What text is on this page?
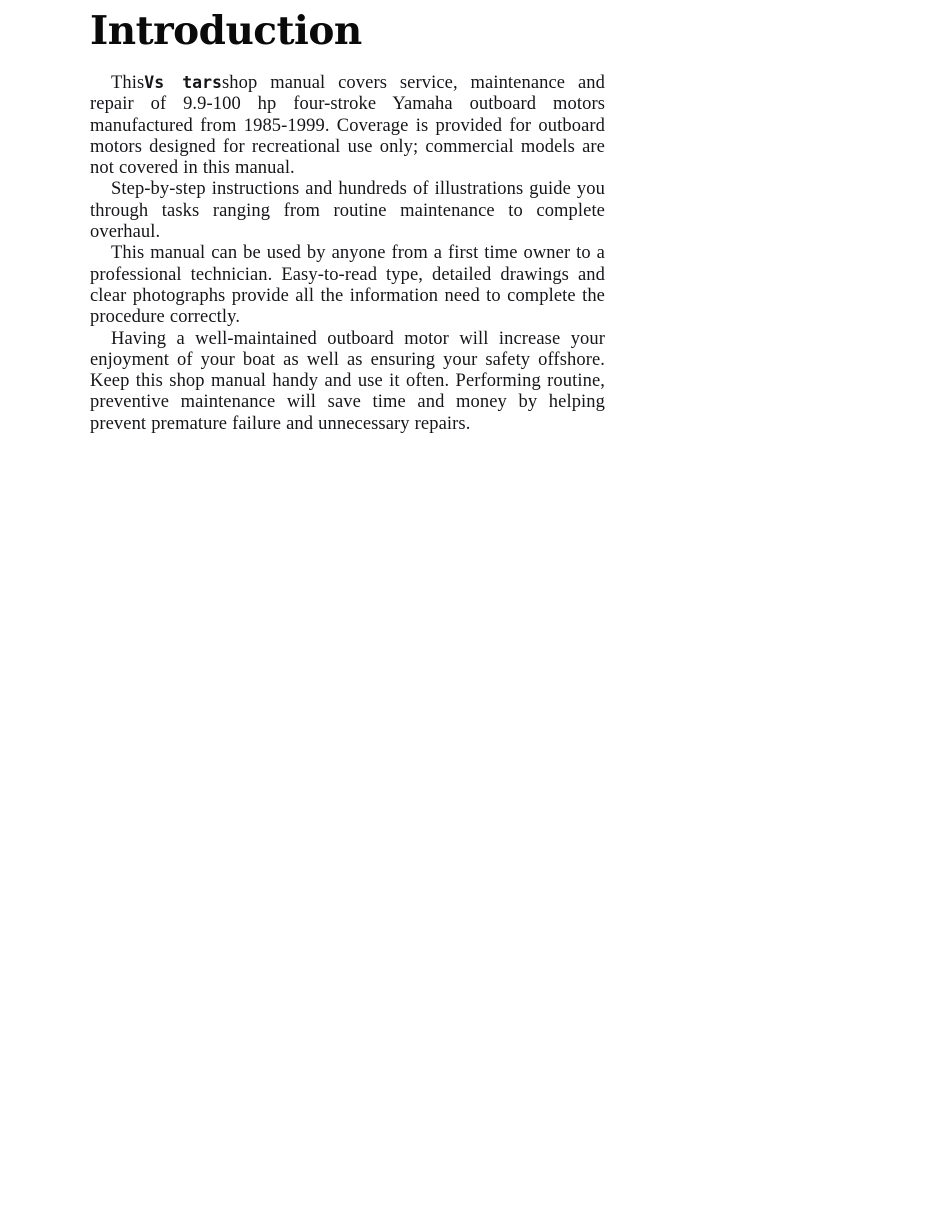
Introduction

ThisVs tarsshop manual covers service, maintenance and repair of 9.9-100 hp four-stroke Yamaha outboard motors manufactured from 1985-1999. Coverage is provided for outboard motors designed for recreational use only; commercial models are not covered in this manual.

Step-by-step instructions and hundreds of illustrations guide you through tasks ranging from routine maintenance to complete overhaul.

This manual can be used by anyone from a first time owner to a professional technician. Easy-to-read type, detailed drawings and clear photographs provide all the information need to complete the procedure correctly.

Having a well-maintained outboard motor will increase your enjoyment of your boat as well as ensuring your safety offshore. Keep this shop manual handy and use it often. Performing routine, preventive maintenance will save time and money by helping prevent premature failure and unnecessary repairs.
